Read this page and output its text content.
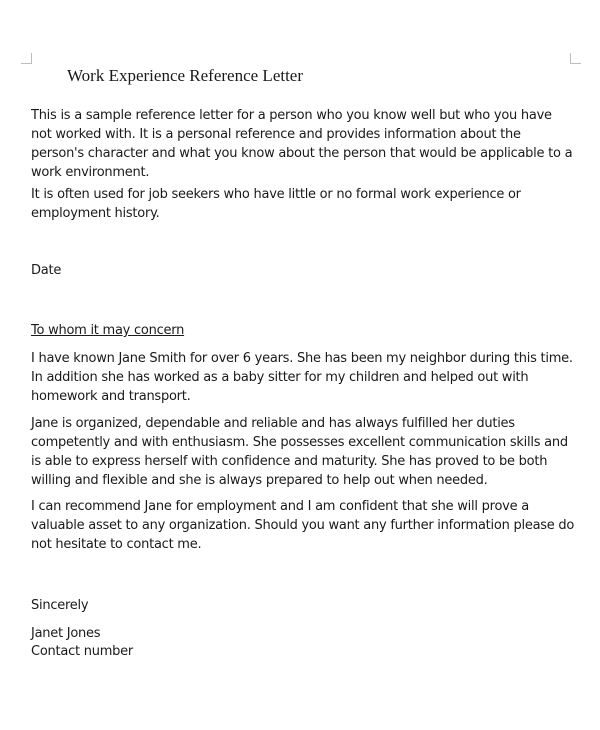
Work Experience Reference Letter

This is a sample reference letter for a person who you know well but who you have not worked with. It is a personal reference and provides information about the person's character and what you know about the person that would be applicable to a work environment.

It is often used for job seekers who have little or no formal work experience or employment history.

Date

To whom it may concern

I have known Jane Smith for over 6 years. She has been my neighbor during this time. In addition she has worked as a baby sitter for my children and helped out with homework and transport.

Jane is organized, dependable and reliable and has always fulfilled her duties competently and with enthusiasm. She possesses excellent communication skills and is able to express herself with confidence and maturity. She has proved to be both willing and flexible and she is always prepared to help out when needed.

I can recommend Jane for employment and I am confident that she will prove a valuable asset to any organization. Should you want any further information please do not hesitate to contact me.

Sincerely

Janet Jones

Contact number
